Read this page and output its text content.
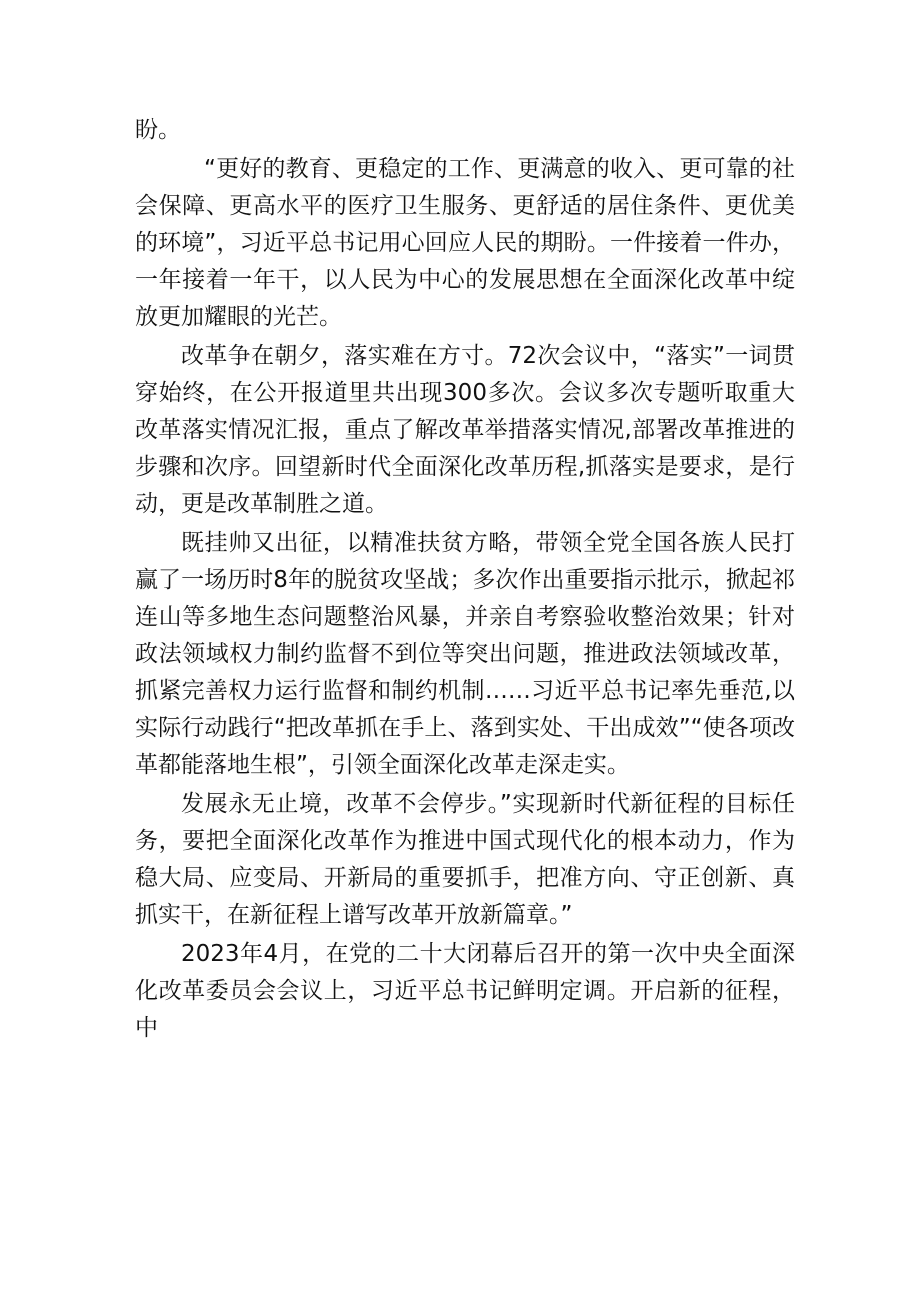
盼。

“更好的教育、更稳定的工作、更满意的收入、更可靠的社会保障、更高水平的医疗卫生服务、更舒适的居住条件、更优美的环境”，习近平总书记用心回应人民的期盼。一件接着一件办，一年接着一年干，以人民为中心的发展思想在全面深化改革中绽放更加耀眼的光芒。

改革争在朝夕，落实难在方寸。72次会议中，“落实”一词贯穿始终，在公开报道里共出现300多次。会议多次专题听取重大改革落实情况汇报，重点了解改革举措落实情况,部署改革推进的步骤和次序。回望新时代全面深化改革历程,抓落实是要求，是行动，更是改革制胜之道。

既挂帅又出征，以精准扶贫方略，带领全党全国各族人民打赢了一场历时8年的脱贫攻坚战；多次作出重要指示批示，掀起祁连山等多地生态问题整治风暴，并亲自考察验收整治效果；针对政法领域权力制约监督不到位等突出问题，推进政法领域改革，抓紧完善权力运行监督和制约机制……习近平总书记率先垂范,以实际行动践行“把改革抓在手上、落到实处、干出成效”“使各项改革都能落地生根”，引领全面深化改革走深走实。

发展永无止境，改革不会停步。”实现新时代新征程的目标任务，要把全面深化改革作为推进中国式现代化的根本动力，作为稳大局、应变局、开新局的重要抓手，把准方向、守正创新、真抓实干，在新征程上谱写改革开放新篇章。”

2023年4月，在党的二十大闭幕后召开的第一次中央全面深化改革委员会会议上，习近平总书记鲜明定调。开启新的征程，中
